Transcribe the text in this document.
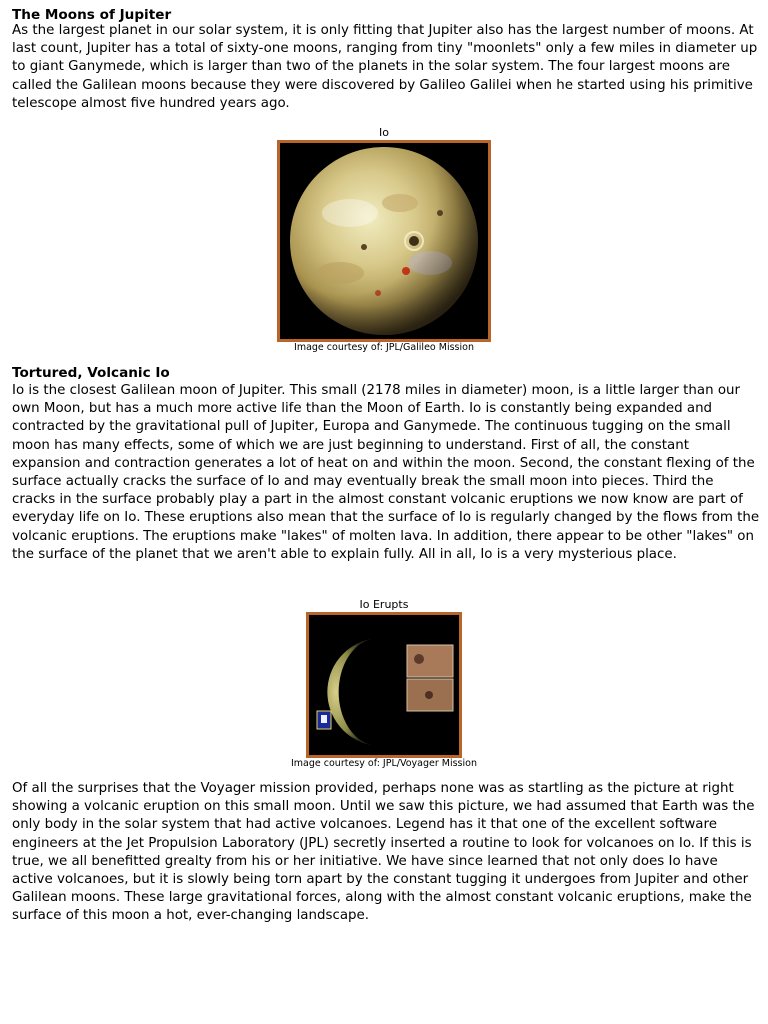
The Moons of Jupiter

As the largest planet in our solar system, it is only fitting that Jupiter also has the largest number of moons. At last count, Jupiter has a total of sixty-one moons, ranging from tiny "moonlets" only a few miles in diameter up to giant Ganymede, which is larger than two of the planets in the solar system. The four largest moons are called the Galilean moons because they were discovered by Galileo Galilei when he started using his primitive telescope almost five hundred years ago.

Io
Image courtesy of: JPL/Galileo Mission
Tortured, Volcanic Io

Io is the closest Galilean moon of Jupiter. This small (2178 miles in diameter) moon, is a little larger than our own Moon, but has a much more active life than the Moon of Earth. Io is constantly being expanded and contracted by the gravitational pull of Jupiter, Europa and Ganymede. The continuous tugging on the small moon has many effects, some of which we are just beginning to understand. First of all, the constant expansion and contraction generates a lot of heat on and within the moon. Second, the constant flexing of the surface actually cracks the surface of Io and may eventually break the small moon into pieces. Third the cracks in the surface probably play a part in the almost constant volcanic eruptions we now know are part of everyday life on Io. These eruptions also mean that the surface of Io is regularly changed by the flows from the volcanic eruptions. The eruptions make "lakes" of molten lava. In addition, there appear to be other "lakes" on the surface of the planet that we aren't able to explain fully. All in all, Io is a very mysterious place.

Io Erupts
Image courtesy of: JPL/Voyager Mission

Of all the surprises that the Voyager mission provided, perhaps none was as startling as the picture at right showing a volcanic eruption on this small moon. Until we saw this picture, we had assumed that Earth was the only body in the solar system that had active volcanoes. Legend has it that one of the excellent software engineers at the Jet Propulsion Laboratory (JPL) secretly inserted a routine to look for volcanoes on Io. If this is true, we all benefitted grealty from his or her initiative. We have since learned that not only does Io have active volcanoes, but it is slowly being torn apart by the constant tugging it undergoes from Jupiter and other Galilean moons. These large gravitational forces, along with the almost constant volcanic eruptions, make the surface of this moon a hot, ever-changing landscape.
